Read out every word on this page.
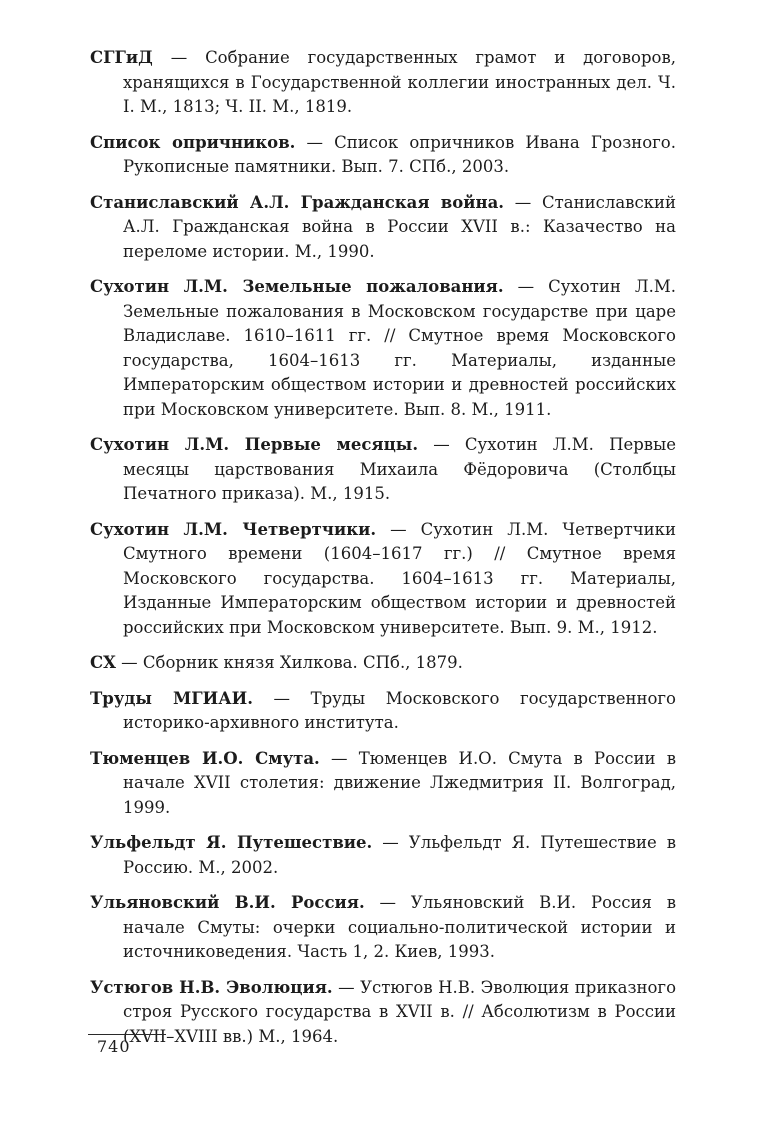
СГГиД — Собрание государственных грамот и договоров, хранящихся в Государственной коллегии иностранных дел. Ч. I. М., 1813; Ч. II. М., 1819.

Список опричников. — Список опричников Ивана Грозного. Рукописные памятники. Вып. 7. СПб., 2003.

Станиславский А.Л. Гражданская война. — Станиславский А.Л. Гражданская война в России XVII в.: Казачество на переломе истории. М., 1990.

Сухотин Л.М. Земельные пожалования. — Сухотин Л.М. Земельные пожалования в Московском государстве при царе Владиславе. 1610–1611 гг. // Смутное время Московского государства, 1604–1613 гг. Материалы, изданные Императорским обществом истории и древностей российских при Московском университете. Вып. 8. М., 1911.

Сухотин Л.М. Первые месяцы. — Сухотин Л.М. Первые месяцы царствования Михаила Фёдоровича (Столбцы Печатного приказа). М., 1915.

Сухотин Л.М. Четвертчики. — Сухотин Л.М. Четвертчики Смутного времени (1604–1617 гг.) // Смутное время Московского государства. 1604–1613 гг. Материалы, Изданные Императорским обществом истории и древностей российских при Московском университете. Вып. 9. М., 1912.

СХ — Сборник князя Хилкова. СПб., 1879.

Труды МГИАИ. — Труды Московского государственного историко-архивного института.

Тюменцев И.О. Смута. — Тюменцев И.О. Смута в России в начале XVII столетия: движение Лжедмитрия II. Волгоград, 1999.

Ульфельдт Я. Путешествие. — Ульфельдт Я. Путешествие в Россию. М., 2002.

Ульяновский В.И. Россия. — Ульяновский В.И. Россия в начале Смуты: очерки социально-политической истории и источниковедения. Часть 1, 2. Киев, 1993.

Устюгов Н.В. Эволюция. — Устюгов Н.В. Эволюция приказного строя Русского государства в XVII в. // Абсолютизм в России (XVII–XVIII вв.) М., 1964.

740
